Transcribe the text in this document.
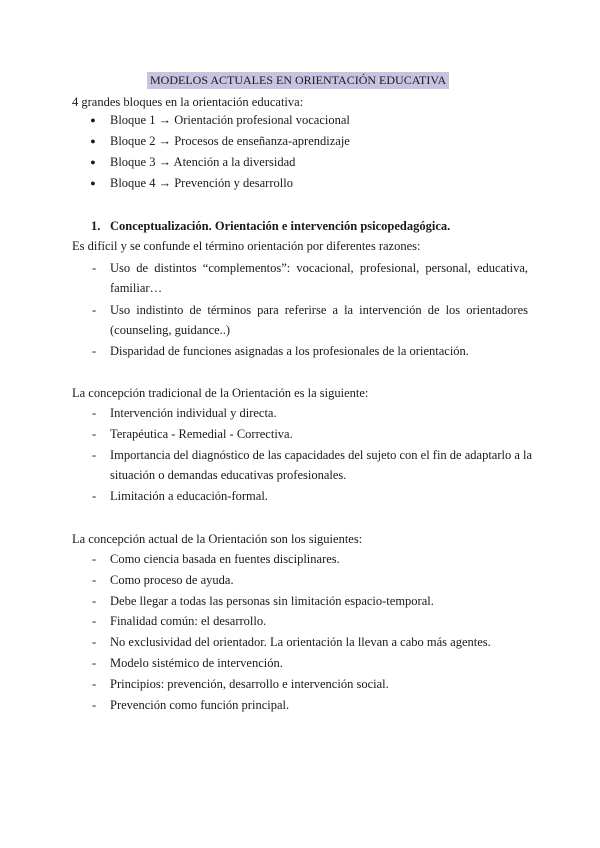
MODELOS ACTUALES EN ORIENTACIÓN EDUCATIVA
4 grandes bloques en la orientación educativa:
● Bloque 1 → Orientación profesional vocacional
● Bloque 2 → Procesos de enseñanza-aprendizaje
● Bloque 3 → Atención a la diversidad
● Bloque 4 → Prevención y desarrollo
1. Conceptualización. Orientación e intervención psicopedagógica.
Es difícil y se confunde el término orientación por diferentes razones:
- Uso de distintos “complementos”: vocacional, profesional, personal, educativa,
familiar…
- Uso indistinto de términos para referirse a la intervención de los orientadores
(counseling, guidance..)
- Disparidad de funciones asignadas a los profesionales de la orientación.
La concepción tradicional de la Orientación es la siguiente:
- Intervención individual y directa.
- Terapéutica - Remedial - Correctiva.
- Importancia del diagnóstico de las capacidades del sujeto con el fin de adaptarlo a la
situación o demandas educativas profesionales.
- Limitación a educación-formal.
La concepción actual de la Orientación son los siguientes:
- Como ciencia basada en fuentes disciplinares.
- Como proceso de ayuda.
- Debe llegar a todas las personas sin limitación espacio-temporal.
- Finalidad común: el desarrollo.
- No exclusividad del orientador. La orientación la llevan a cabo más agentes.
- Modelo sistémico de intervención.
- Principios: prevención, desarrollo e intervención social.
- Prevención como función principal.
